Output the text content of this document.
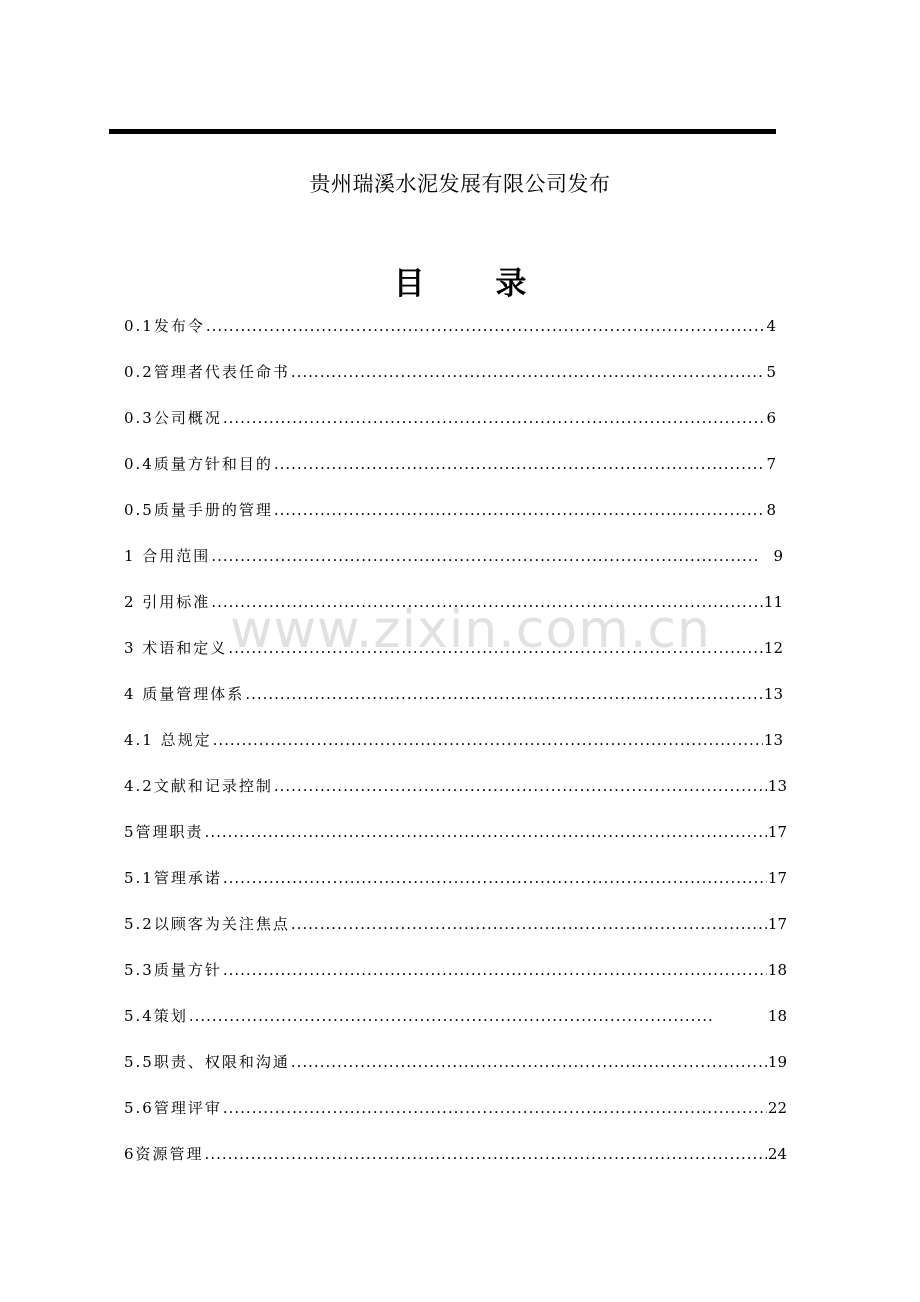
贵州瑞溪水泥发展有限公司发布
目 录
www.zixin.com.cn
0.1发布令 .....	4
0.2管理者代表任命书 .....	5
0.3公司概况 .....	6
0.4质量方针和目的 .....	7
0.5质量手册的管理 .....	8
1 合用范围 .....	9
2 引用标准 .....	11
3 术语和定义 .....	12
4 质量管理体系 .....	13
4.1 总规定 .....	13
4.2文献和记录控制 .....	13
5管理职责 .....	17
5.1管理承诺 .....	17
5.2以顾客为关注焦点 .....	17
5.3质量方针 .....	18
5.4策划 .....	18
5.5职责、权限和沟通 .....	19
5.6管理评审 .....	22
6资源管理 .....	24
